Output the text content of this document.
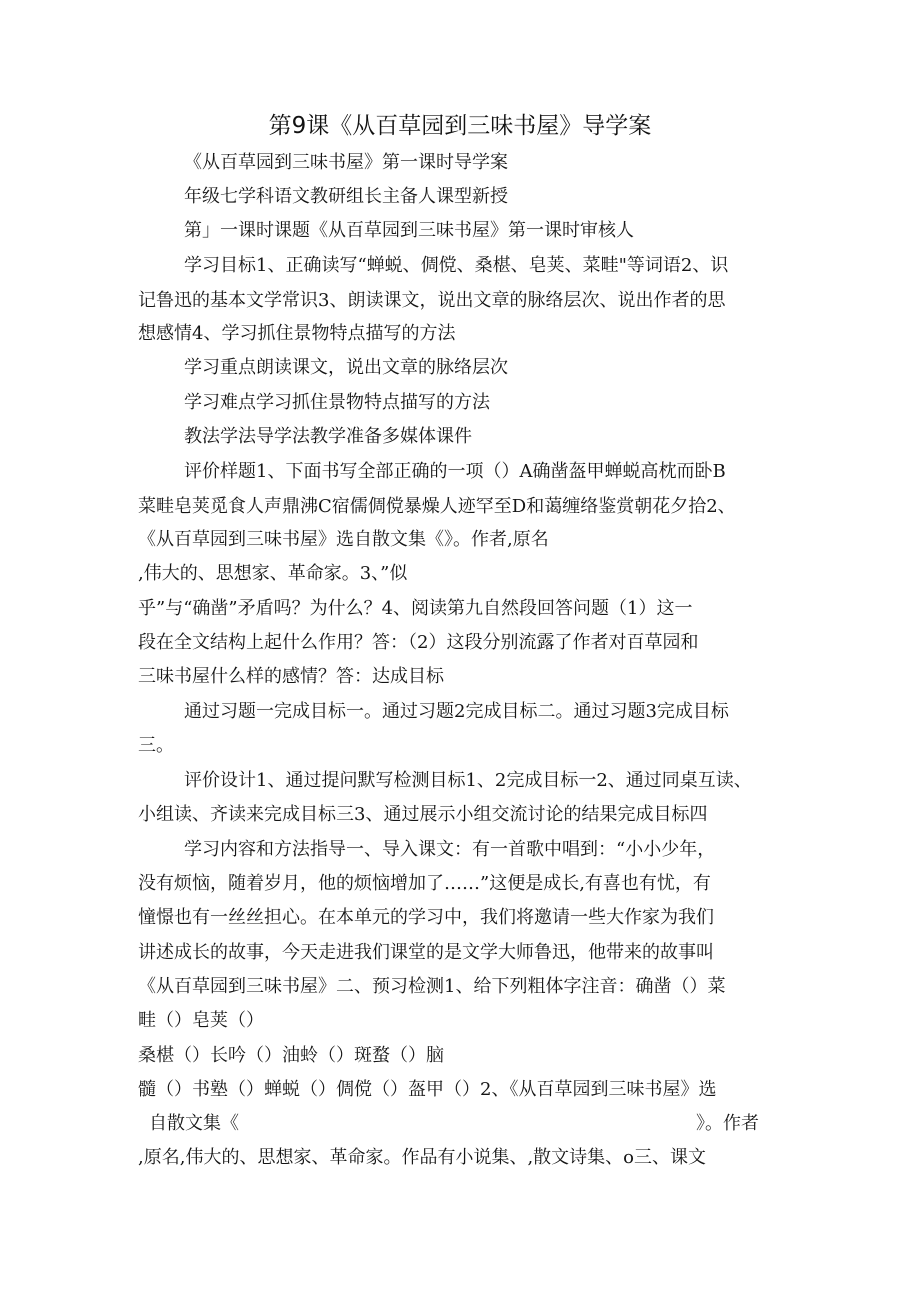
第9课《从百草园到三味书屋》导学案
《从百草园到三味书屋》第一课时导学案
年级七学科语文教研组长主备人课型新授
第」一课时课题《从百草园到三味书屋》第一课时审核人
学习目标1、正确读写“蝉蜕、倜傥、桑椹、皂荚、菜畦"等词语2、识
记鲁迅的基本文学常识3、朗读课文，说出文章的脉络层次、说出作者的思
想感情4、学习抓住景物特点描写的方法
学习重点朗读课文，说出文章的脉络层次
学习难点学习抓住景物特点描写的方法
教法学法导学法教学准备多媒体课件
评价样题1、下面书写全部正确的一项（）A确凿盔甲蝉蜕高枕而卧B
菜畦皂荚觅食人声鼎沸C宿儒倜傥暴燥人迹罕至D和蔼缠络鉴赏朝花夕拾2、
《从百草园到三味书屋》选自散文集《》。作者,原名
,伟大的、思想家、革命家。3、”似
乎”与“确凿”矛盾吗？为什么？4、阅读第九自然段回答问题（1）这一
段在全文结构上起什么作用？答：（2）这段分别流露了作者对百草园和
三味书屋什么样的感情？答：达成目标
通过习题一完成目标一。通过习题2完成目标二。通过习题3完成目标
三。
评价设计1、通过提问默写检测目标1、2完成目标一2、通过同桌互读、
小组读、齐读来完成目标三3、通过展示小组交流讨论的结果完成目标四
学习内容和方法指导一、导入课文：有一首歌中唱到：“小小少年，
没有烦恼，随着岁月，他的烦恼增加了……”这便是成长,有喜也有忧，有
憧憬也有一丝丝担心。在本单元的学习中，我们将邀请一些大作家为我们
讲述成长的故事，今天走进我们课堂的是文学大师鲁迅，他带来的故事叫
《从百草园到三味书屋》二、预习检测1、给下列粗体字注音：确凿（）菜
畦（）皂荚（）
桑椹（）长吟（）油蛉（）斑蝥（）脑
髓（）书塾（）蝉蜕（）倜傥（）盔甲（）2、《从百草园到三味书屋》选
自散文集《	》。作者
,原名,伟大的、思想家、革命家。作品有小说集、,散文诗集、o三、课文
